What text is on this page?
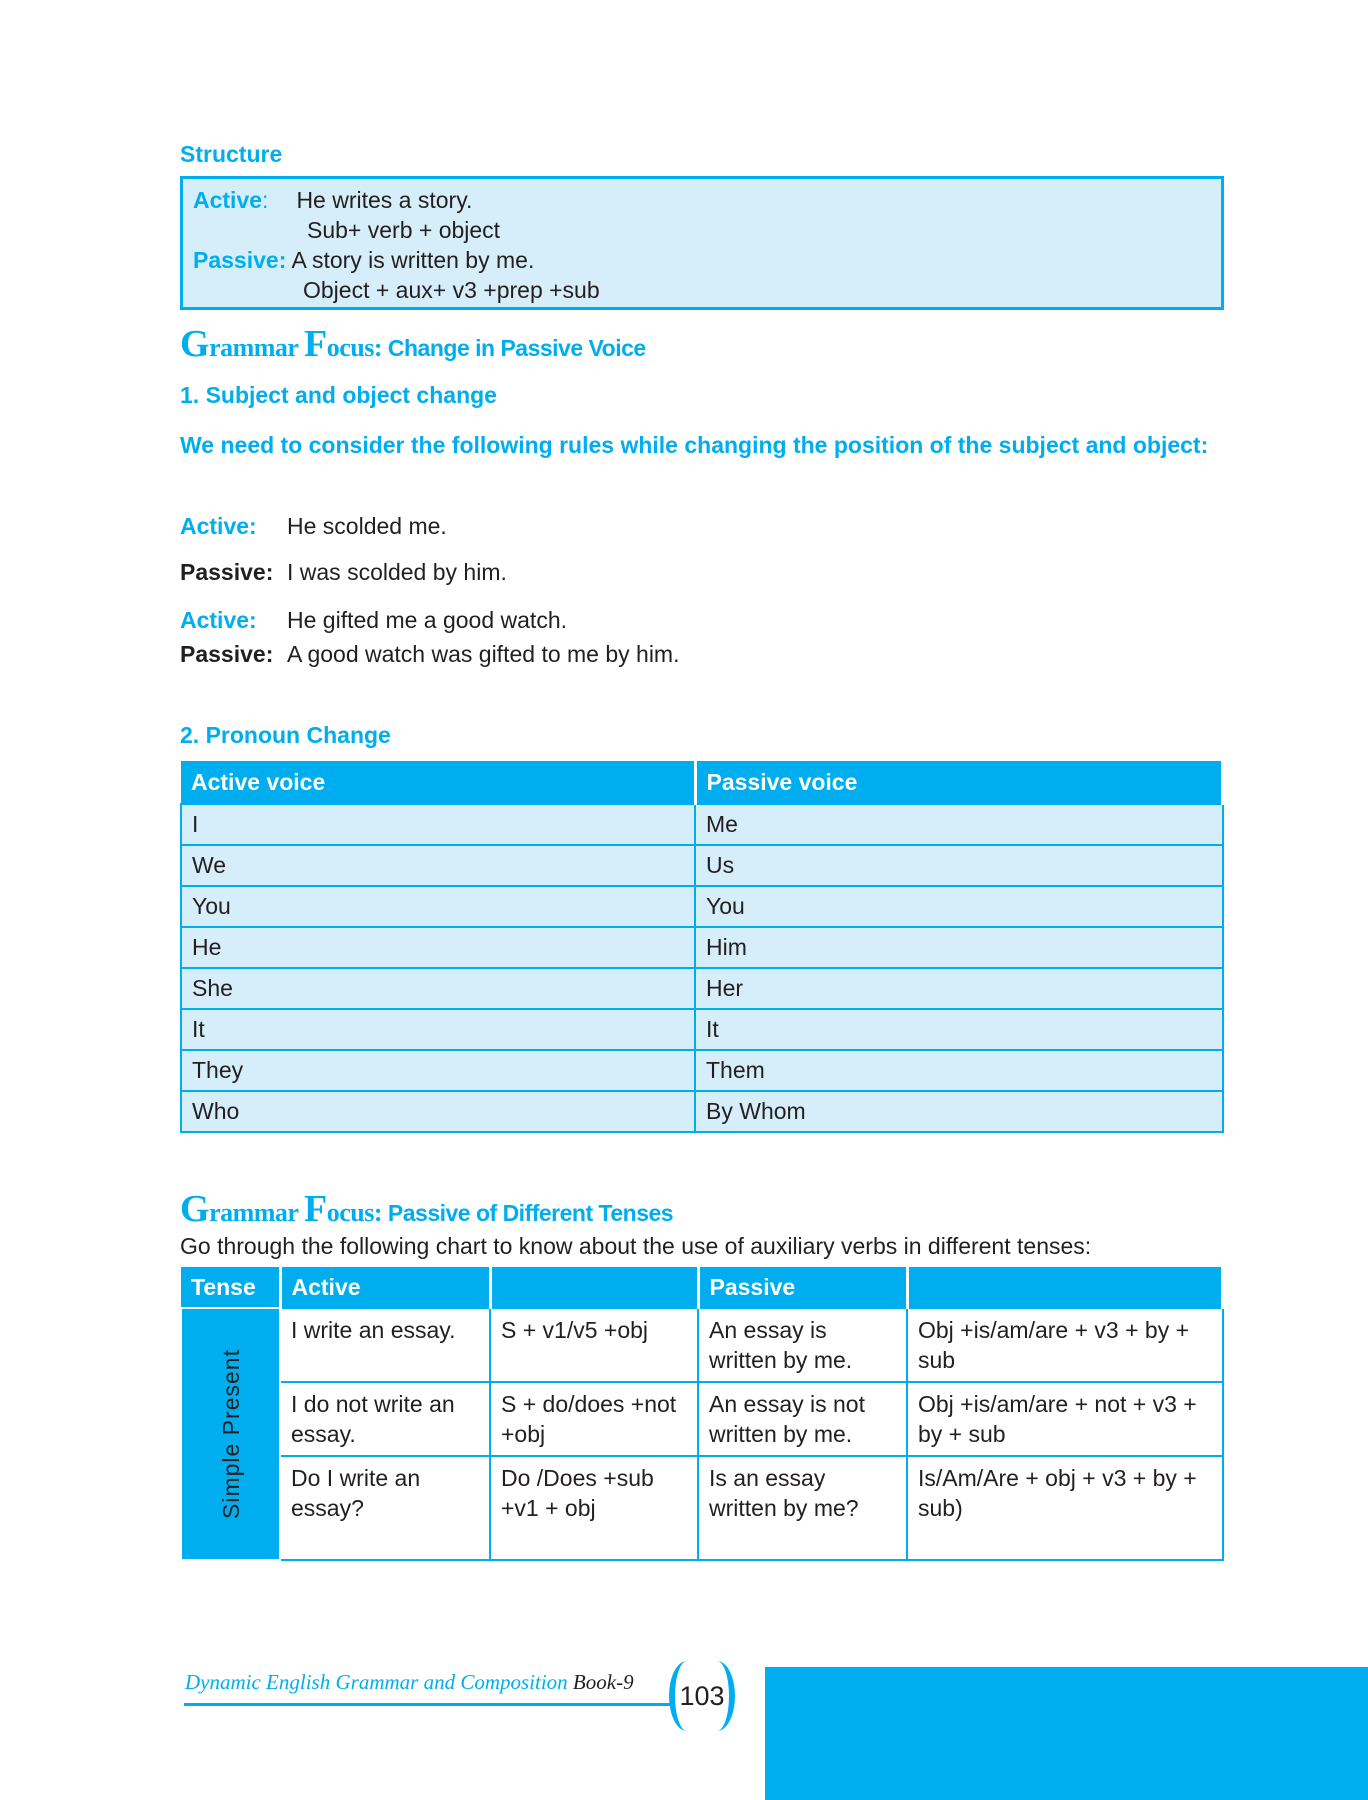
Structure
Active: He writes a story.
Sub+ verb + object
Passive: A story is written by me.
Object + aux+ v3 +prep +sub
Grammar Focus: Change in Passive Voice
1. Subject and object change
We need to consider the following rules while changing the position of the subject and object:
Active: He scolded me.
Passive: I was scolded by him.
Active: He gifted me a good watch.
Passive: A good watch was gifted to me by him.
2. Pronoun Change
Active voice	Passive voice
I	Me
We	Us
You	You
He	Him
She	Her
It	It
They	Them
Who	By Whom
Grammar Focus: Passive of Different Tenses
Go through the following chart to know about the use of auxiliary verbs in different tenses:
Tense	Active		Passive	

Simple Present	I write an essay.	S + v1/v5 +obj	An essay is written by me.	Obj +is/am/are + v3 + by + sub
	I do not write an essay.	S + do/does +not +obj	An essay is not written by me.	Obj +is/am/are + not + v3 + by + sub
	Do I write an essay?	Do /Does +sub +v1 + obj	Is an essay written by me?	Is/Am/Are + obj + v3 + by + sub)
Dynamic English Grammar and Composition Book-9	103
